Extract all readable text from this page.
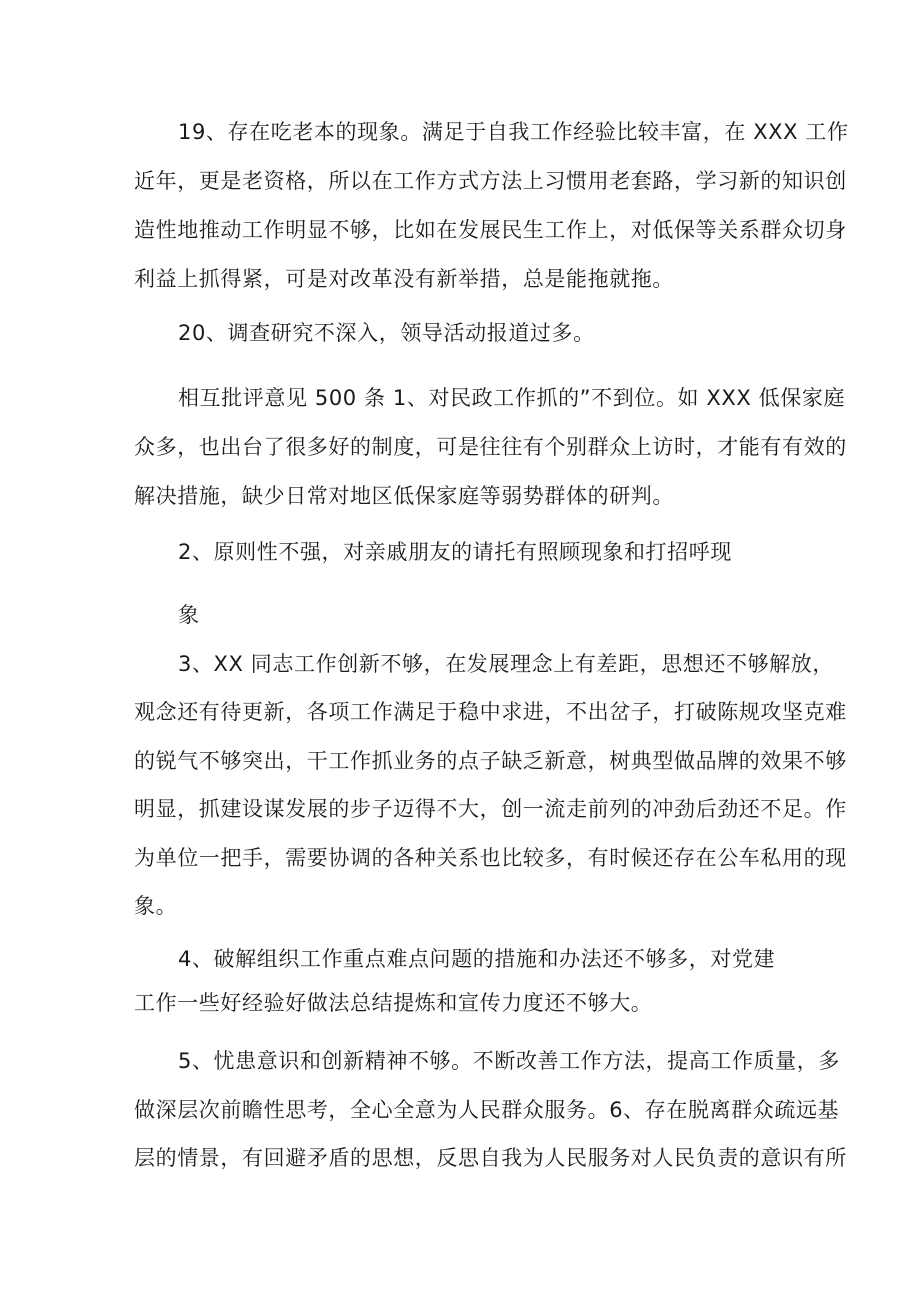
19、存在吃老本的现象。满足于自我工作经验比较丰富，在 XXX 工作
近年，更是老资格，所以在工作方式方法上习惯用老套路，学习新的知识创
造性地推动工作明显不够，比如在发展民生工作上，对低保等关系群众切身
利益上抓得紧，可是对改革没有新举措，总是能拖就拖。
20、调查研究不深入，领导活动报道过多。
相互批评意见 500 条 1、对民政工作抓的”不到位。如 XXX 低保家庭
众多，也出台了很多好的制度，可是往往有个别群众上访时，才能有有效的
解决措施，缺少日常对地区低保家庭等弱势群体的研判。
2、原则性不强，对亲戚朋友的请托有照顾现象和打招呼现
象
3、XX 同志工作创新不够，在发展理念上有差距，思想还不够解放，
观念还有待更新，各项工作满足于稳中求进，不出岔子，打破陈规攻坚克难
的锐气不够突出，干工作抓业务的点子缺乏新意，树典型做品牌的效果不够
明显，抓建设谋发展的步子迈得不大，创一流走前列的冲劲后劲还不足。作
为单位一把手，需要协调的各种关系也比较多，有时候还存在公车私用的现
象。
4、破解组织工作重点难点问题的措施和办法还不够多，对党建
工作一些好经验好做法总结提炼和宣传力度还不够大。
5、忧患意识和创新精神不够。不断改善工作方法，提高工作质量，多
做深层次前瞻性思考，全心全意为人民群众服务。6、存在脱离群众疏远基
层的情景，有回避矛盾的思想，反思自我为人民服务对人民负责的意识有所
